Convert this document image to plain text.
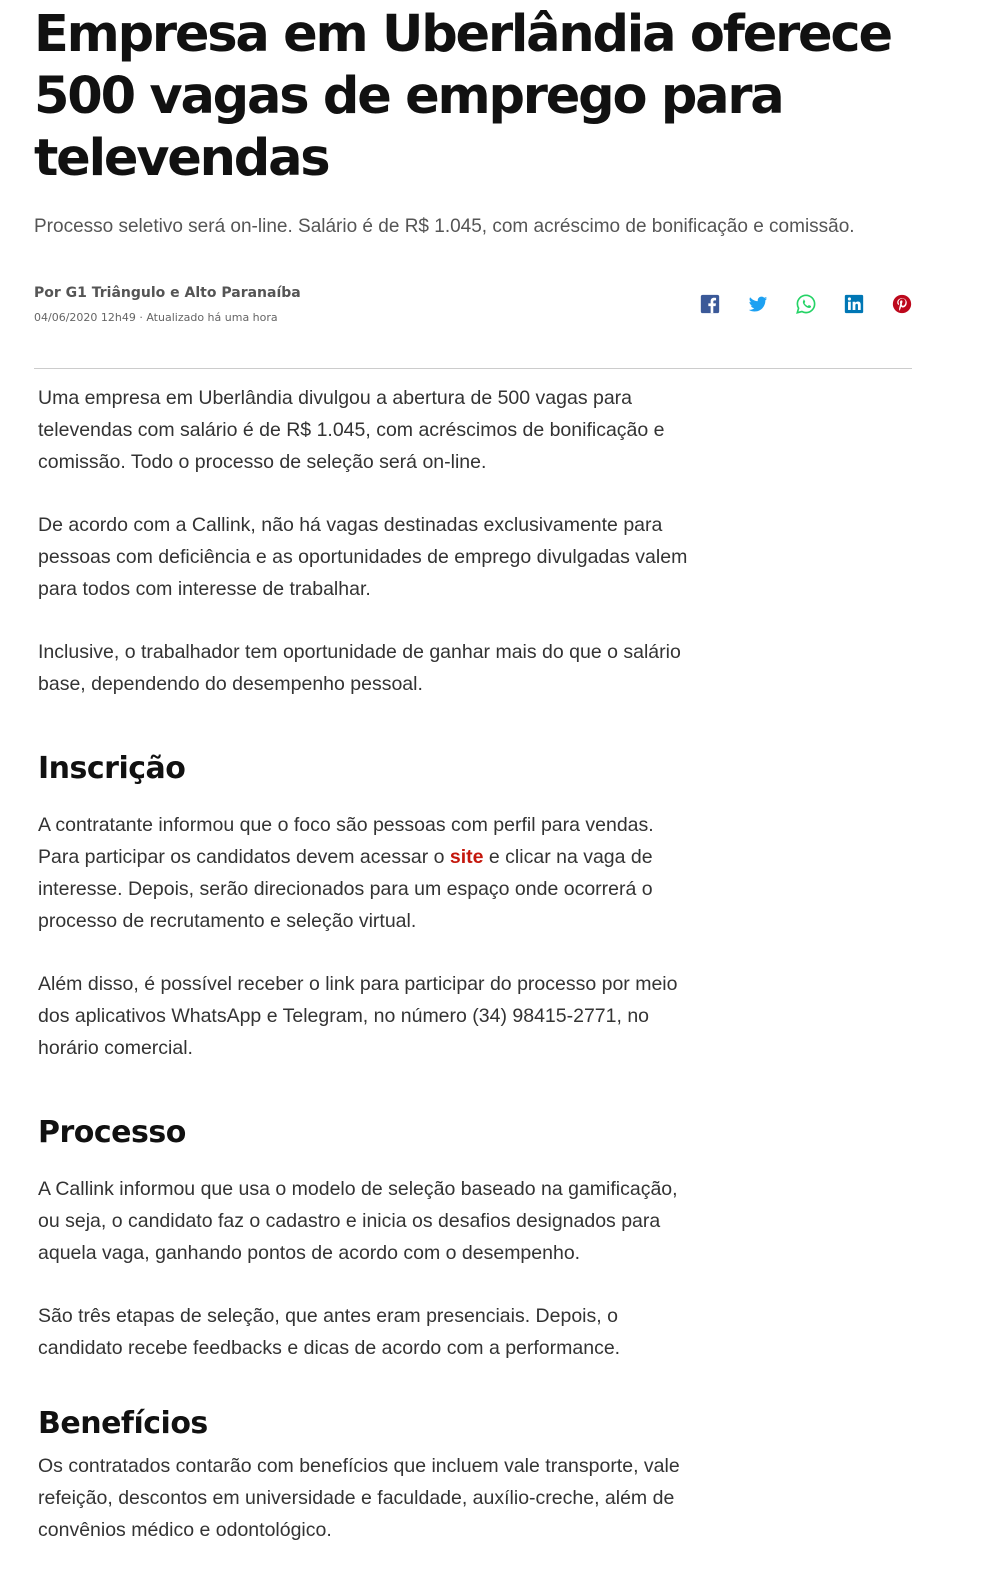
Empresa em Uberlândia oferece 500 vagas de emprego para televendas

Processo seletivo será on-line. Salário é de R$ 1.045, com acréscimo de bonificação e comissão.

Por G1 Triângulo e Alto Paranaíba
04/06/2020 12h49 · Atualizado há uma hora

Uma empresa em Uberlândia divulgou a abertura de 500 vagas para televendas com salário é de R$ 1.045, com acréscimos de bonificação e comissão. Todo o processo de seleção será on-line.

De acordo com a Callink, não há vagas destinadas exclusivamente para pessoas com deficiência e as oportunidades de emprego divulgadas valem para todos com interesse de trabalhar.

Inclusive, o trabalhador tem oportunidade de ganhar mais do que o salário base, dependendo do desempenho pessoal.

Inscrição

A contratante informou que o foco são pessoas com perfil para vendas. Para participar os candidatos devem acessar o site e clicar na vaga de interesse. Depois, serão direcionados para um espaço onde ocorrerá o processo de recrutamento e seleção virtual.

Além disso, é possível receber o link para participar do processo por meio dos aplicativos WhatsApp e Telegram, no número (34) 98415-2771, no horário comercial.

Processo

A Callink informou que usa o modelo de seleção baseado na gamificação, ou seja, o candidato faz o cadastro e inicia os desafios designados para aquela vaga, ganhando pontos de acordo com o desempenho.

São três etapas de seleção, que antes eram presenciais. Depois, o candidato recebe feedbacks e dicas de acordo com a performance.

Benefícios

Os contratados contarão com benefícios que incluem vale transporte, vale refeição, descontos em universidade e faculdade, auxílio-creche, além de convênios médico e odontológico.
